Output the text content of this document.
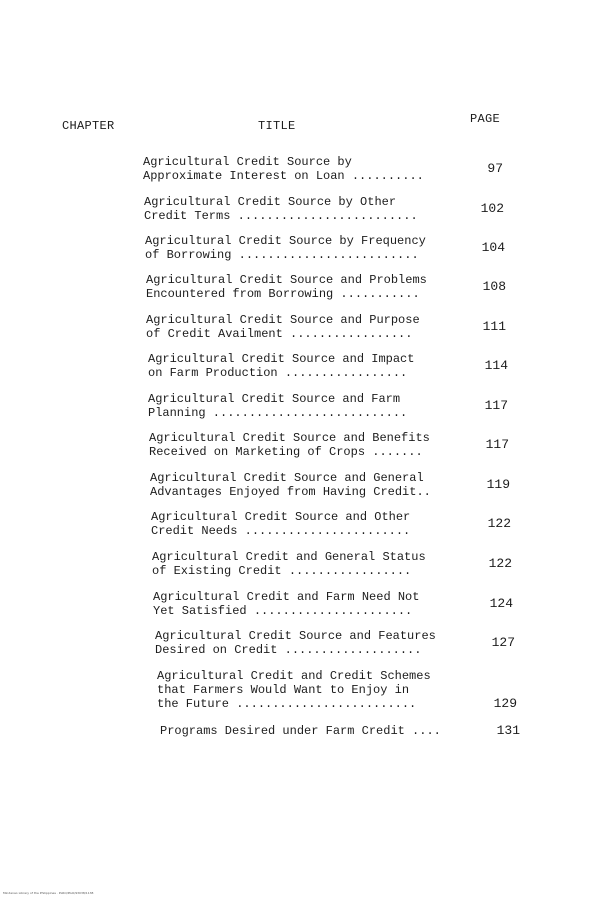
CHAPTER	TITLE	PAGE
Agricultural Credit Source by
Approximate Interest on Loan ..........	97
Agricultural Credit Source by Other
Credit Terms .........................	102
Agricultural Credit Source by Frequency
of Borrowing .........................	104
Agricultural Credit Source and Problems
Encountered from Borrowing ...........	108
Agricultural Credit Source and Purpose
of Credit Availment .................	111
Agricultural Credit Source and Impact
on Farm Production .................	114
Agricultural Credit Source and Farm
Planning ...........................	117
Agricultural Credit Source and Benefits
Received on Marketing of Crops .......	117
Agricultural Credit Source and General
Advantages Enjoyed from Having Credit..	119
Agricultural Credit Source and Other
Credit Needs .......................	122
Agricultural Credit and General Status
of Existing Credit .................	122
Agricultural Credit and Farm Need Not
Yet Satisfied ......................	124
Agricultural Credit Source and Features
Desired on Credit ...................	127
Agricultural Credit and Credit Schemes
that Farmers Would Want to Enjoy in
the Future .........................	129
Programs Desired under Farm Credit ....	131
Mindanao Library of the Philippines · PLRO/PGO/93038/1138
